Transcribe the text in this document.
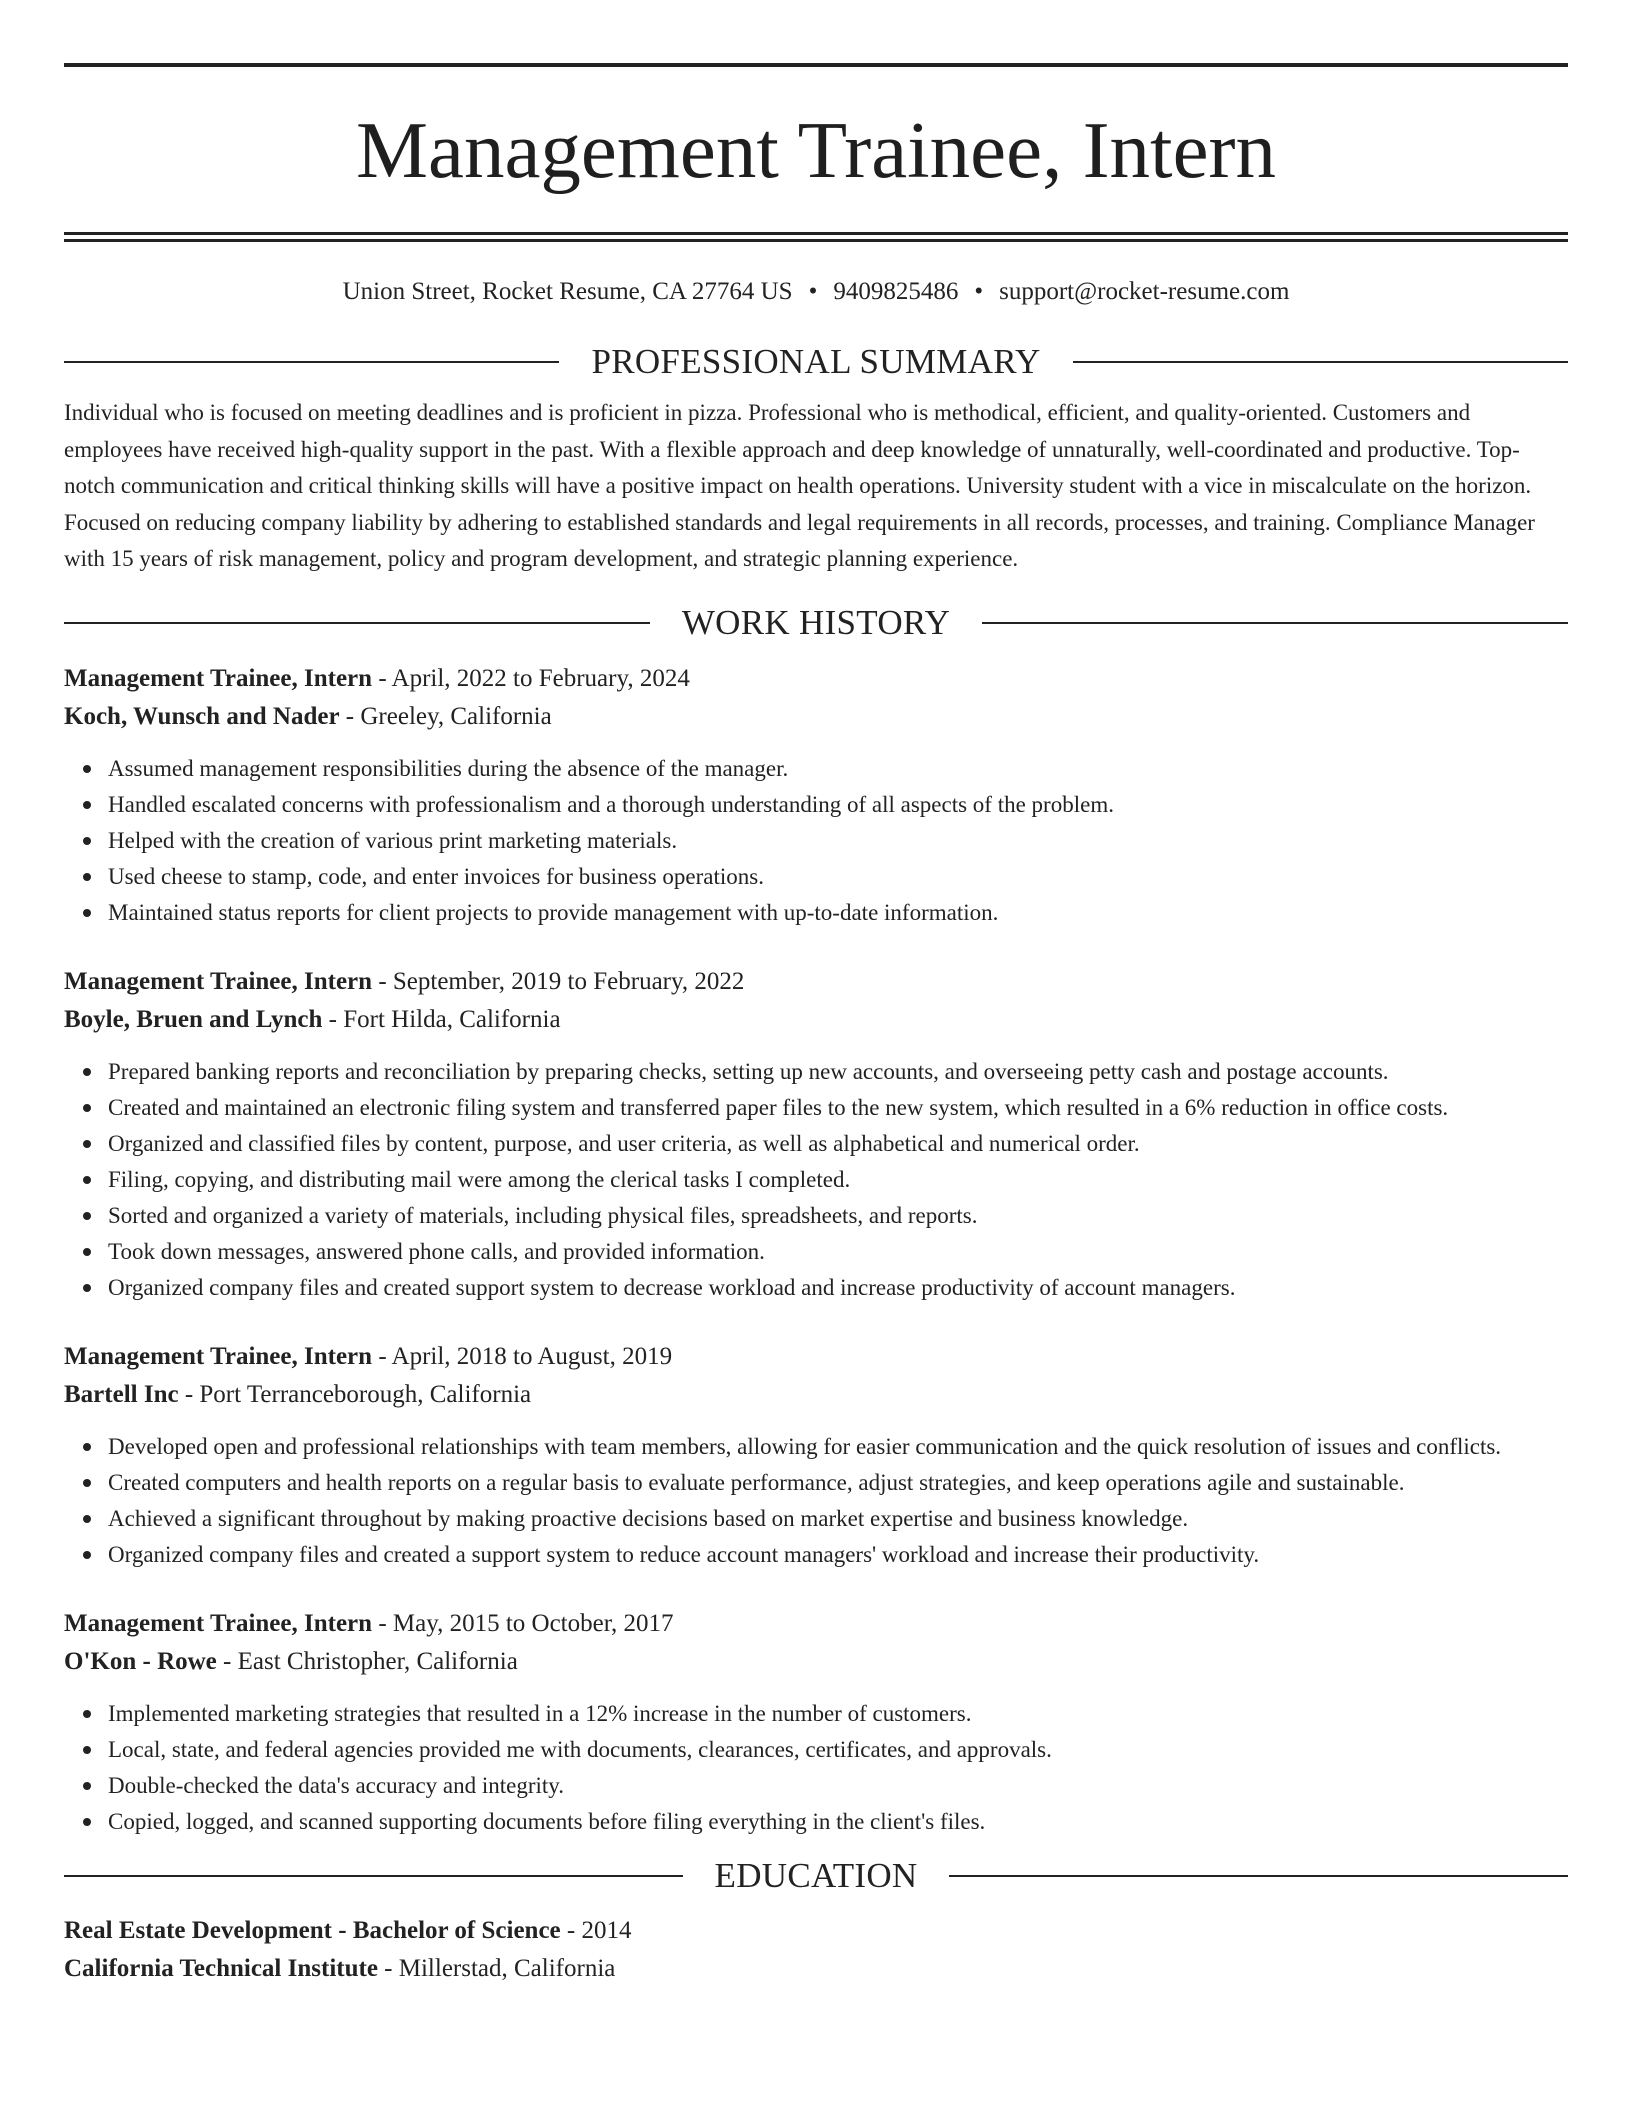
Management Trainee, Intern
Union Street, Rocket Resume, CA 27764 US • 9409825486 • support@rocket-resume.com
PROFESSIONAL SUMMARY

Individual who is focused on meeting deadlines and is proficient in pizza. Professional who is methodical, efficient, and quality-oriented. Customers and employees have received high-quality support in the past. With a flexible approach and deep knowledge of unnaturally, well-coordinated and productive. Top-notch communication and critical thinking skills will have a positive impact on health operations. University student with a vice in miscalculate on the horizon. Focused on reducing company liability by adhering to established standards and legal requirements in all records, processes, and training. Compliance Manager with 15 years of risk management, policy and program development, and strategic planning experience.

WORK HISTORY
Management Trainee, Intern - April, 2022 to February, 2024
Koch, Wunsch and Nader - Greeley, California
Assumed management responsibilities during the absence of the manager.
Handled escalated concerns with professionalism and a thorough understanding of all aspects of the problem.
Helped with the creation of various print marketing materials.
Used cheese to stamp, code, and enter invoices for business operations.
Maintained status reports for client projects to provide management with up-to-date information.
Management Trainee, Intern - September, 2019 to February, 2022
Boyle, Bruen and Lynch - Fort Hilda, California
Prepared banking reports and reconciliation by preparing checks, setting up new accounts, and overseeing petty cash and postage accounts.
Created and maintained an electronic filing system and transferred paper files to the new system, which resulted in a 6% reduction in office costs.
Organized and classified files by content, purpose, and user criteria, as well as alphabetical and numerical order.
Filing, copying, and distributing mail were among the clerical tasks I completed.
Sorted and organized a variety of materials, including physical files, spreadsheets, and reports.
Took down messages, answered phone calls, and provided information.
Organized company files and created support system to decrease workload and increase productivity of account managers.
Management Trainee, Intern - April, 2018 to August, 2019
Bartell Inc - Port Terranceborough, California
Developed open and professional relationships with team members, allowing for easier communication and the quick resolution of issues and conflicts.
Created computers and health reports on a regular basis to evaluate performance, adjust strategies, and keep operations agile and sustainable.
Achieved a significant throughout by making proactive decisions based on market expertise and business knowledge.
Organized company files and created a support system to reduce account managers' workload and increase their productivity.
Management Trainee, Intern - May, 2015 to October, 2017
O'Kon - Rowe - East Christopher, California
Implemented marketing strategies that resulted in a 12% increase in the number of customers.
Local, state, and federal agencies provided me with documents, clearances, certificates, and approvals.
Double-checked the data's accuracy and integrity.
Copied, logged, and scanned supporting documents before filing everything in the client's files.
EDUCATION
Real Estate Development - Bachelor of Science - 2014
California Technical Institute - Millerstad, California
